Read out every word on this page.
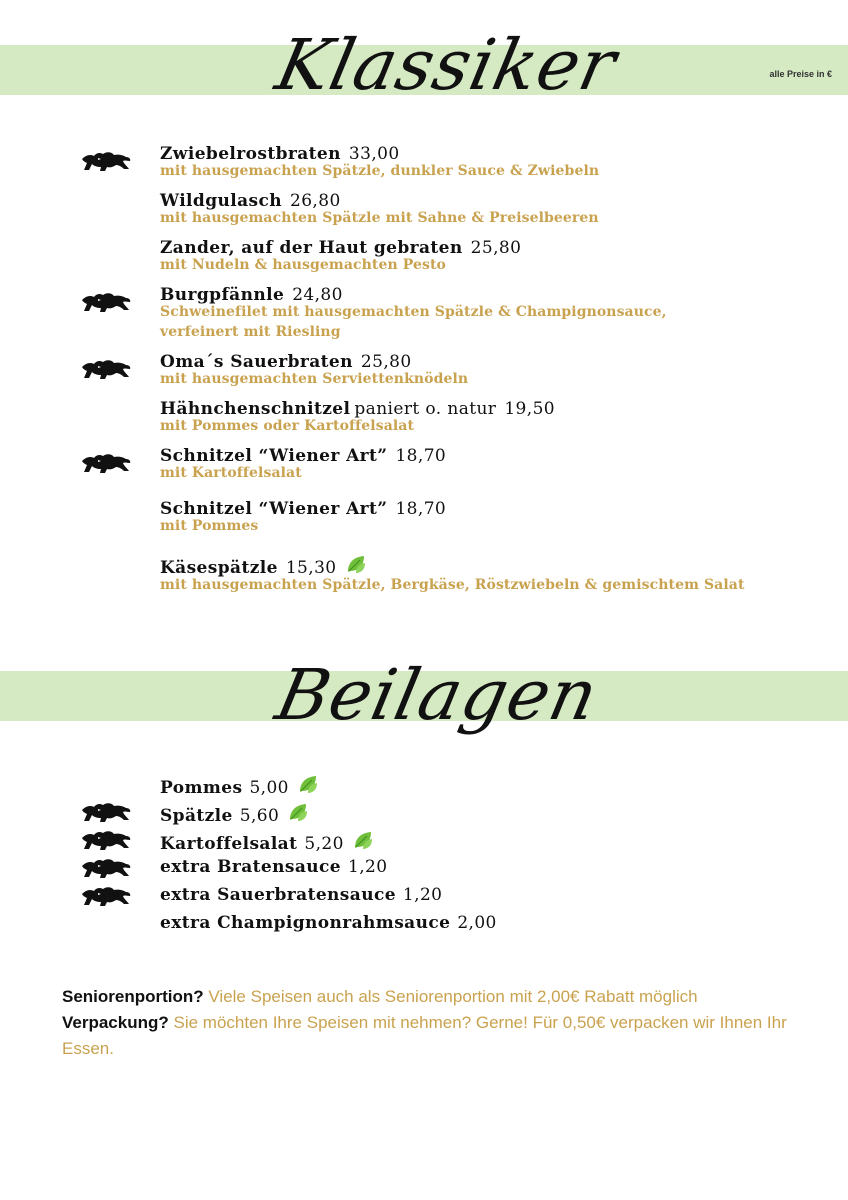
Klassiker	alle Preise in €
Zwiebelrostbraten 33,00
mit hausgemachten Spätzle, dunkler Sauce & Zwiebeln
Wildgulasch 26,80
mit hausgemachten Spätzle mit Sahne & Preiselbeeren
Zander, auf der Haut gebraten 25,80
mit Nudeln & hausgemachten Pesto
Burgpfännle 24,80
Schweinefilet mit hausgemachten Spätzle & Champignonsauce,
verfeinert mit Riesling
Oma´s Sauerbraten 25,80
mit hausgemachten Serviettenknödeln
Hähnchenschnitzel paniert o. natur 19,50
mit Pommes oder Kartoffelsalat
Schnitzel “Wiener Art” 18,70
mit Kartoffelsalat
Schnitzel “Wiener Art” 18,70
mit Pommes
Käsespätzle 15,30
mit hausgemachten Spätzle, Bergkäse, Röstzwiebeln & gemischtem Salat
Beilagen
Pommes 5,00
Spätzle 5,60
Kartoffelsalat 5,20
extra Bratensauce 1,20
extra Sauerbratensauce 1,20
extra Champignonrahmsauce 2,00
Seniorenportion? Viele Speisen auch als Seniorenportion mit 2,00€ Rabatt möglich
Verpackung? Sie möchten Ihre Speisen mit nehmen? Gerne! Für 0,50€ verpacken wir Ihnen Ihr Essen.
